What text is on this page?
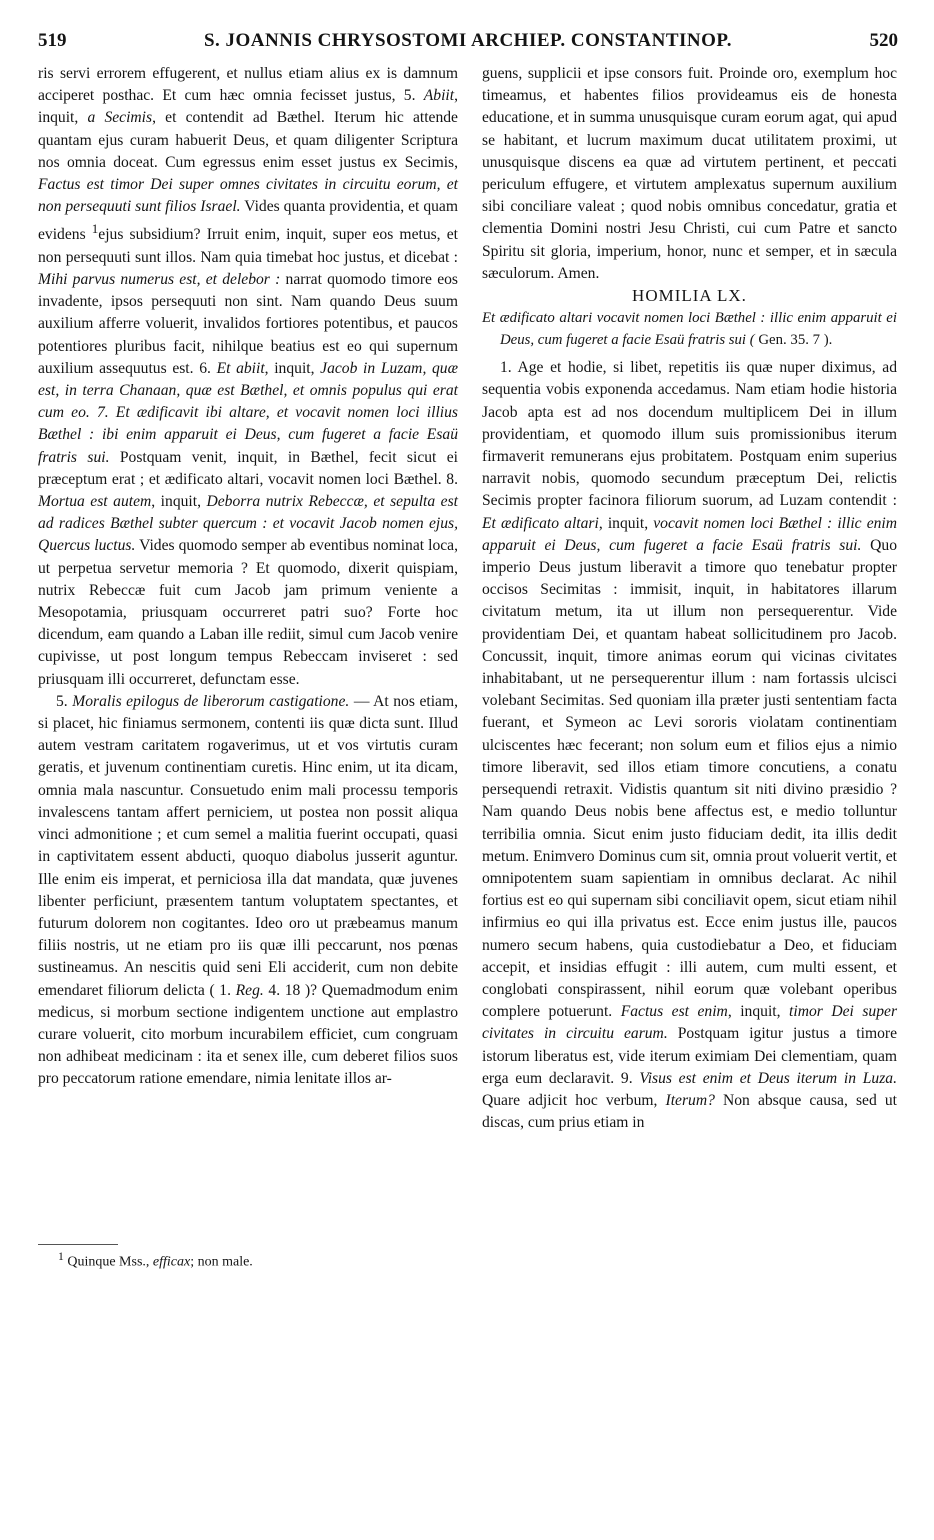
519	S. JOANNIS CHRYSOSTOMI ARCHIEP. CONSTANTINOP.	520

ris servi errorem effugerent, et nullus etiam alius ex is damnum acciperet posthac. Et cum hæc omnia fecisset justus, 5. Abiit, inquit, a Secimis, et contendit ad Bæthel. Iterum hic attende quantam ejus curam habuerit Deus, et quam diligenter Scriptura nos omnia doceat. Cum egressus enim esset justus ex Secimis, Factus est timor Dei super omnes civitates in circuitu eorum, et non persequuti sunt filios Israel. Vides quanta providentia, et quam evidens $^1$ejus subsidium? Irruit enim, inquit, super eos metus, et non persequuti sunt illos. Nam quia timebat hoc justus, et dicebat : Mihi parvus numerus est, et delebor : narrat quomodo timore eos invadente, ipsos persequuti non sint. Nam quando Deus suum auxilium afferre voluerit, invalidos fortiores potentibus, et paucos potentiores pluribus facit, nihilque beatius est eo qui supernum auxilium assequutus est. 6. Et abiit, inquit, Jacob in Luzam, quæ est, in terra Chanaan, quæ est Bæthel, et omnis populus qui erat cum eo. 7. Et ædificavit ibi altare, et vocavit nomen loci illius Bæthel : ibi enim apparuit ei Deus, cum fugeret a facie Esaü fratris sui. Postquam venit, inquit, in Bæthel, fecit sicut ei præceptum erat ; et ædificato altari, vocavit nomen loci Bæthel. 8. Mortua est autem, inquit, Deborra nutrix Rebeccæ, et sepulta est ad radices Bæthel subter quercum : et vocavit Jacob nomen ejus, Quercus luctus. Vides quomodo semper ab eventibus nominat loca, ut perpetua servetur memoria ? Et quomodo, dixerit quispiam, nutrix Rebeccæ fuit cum Jacob jam primum veniente a Mesopotamia, priusquam occurreret patri suo? Forte hoc dicendum, eam quando a Laban ille rediit, simul cum Jacob venire cupivisse, ut post longum tempus Rebeccam inviseret : sed priusquam illi occurreret, defunctam esse.

5. Moralis epilogus de liberorum castigatione. — At nos etiam, si placet, hic finiamus sermonem, contenti iis quæ dicta sunt. Illud autem vestram caritatem rogaverimus, ut et vos virtutis curam geratis, et juvenum continentiam curetis. Hinc enim, ut ita dicam, omnia mala nascuntur. Consuetudo enim mali processu temporis invalescens tantam affert perniciem, ut postea non possit aliqua vinci admonitione ; et cum semel a malitia fuerint occupati, quasi in captivitatem essent abducti, quoquo diabolus jusserit aguntur. Ille enim eis imperat, et perniciosa illa dat mandata, quæ juvenes libenter perficiunt, præsentem tantum voluptatem spectantes, et futurum dolorem non cogitantes. Ideo oro ut præbeamus manum filiis nostris, ut ne etiam pro iis quæ illi peccarunt, nos pœnas sustineamus. An nescitis quid seni Eli acciderit, cum non debite emendaret filiorum delicta ( 1. Reg. 4. 18 )? Quemadmodum enim medicus, si morbum sectione indigentem unctione aut emplastro curare voluerit, cito morbum incurabilem efficiet, cum congruam non adhibeat medicinam : ita et senex ille, cum deberet filios suos pro peccatorum ratione emendare, nimia lenitate illos ar-

guens, supplicii et ipse consors fuit. Proinde oro, exemplum hoc timeamus, et habentes filios provideamus eis de honesta educatione, et in summa unusquisque curam eorum agat, qui apud se habitant, et lucrum maximum ducat utilitatem proximi, ut unusquisque discens ea quæ ad virtutem pertinent, et peccati periculum effugere, et virtutem amplexatus supernum auxilium sibi conciliare valeat ; quod nobis omnibus concedatur, gratia et clementia Domini nostri Jesu Christi, cui cum Patre et sancto Spiritu sit gloria, imperium, honor, nunc et semper, et in sæcula sæculorum. Amen.

HOMILIA LX.

Et ædificato altari vocavit nomen loci Bæthel : illic enim apparuit ei Deus, cum fugeret a facie Esaü fratris sui ( Gen. 35. 7 ).

1. Age et hodie, si libet, repetitis iis quæ nuper diximus, ad sequentia vobis exponenda accedamus. Nam etiam hodie historia Jacob apta est ad nos docendum multiplicem Dei in illum providentiam, et quomodo illum suis promissionibus iterum firmaverit remunerans ejus probitatem. Postquam enim superius narravit nobis, quomodo secundum præceptum Dei, relictis Secimis propter facinora filiorum suorum, ad Luzam contendit : Et ædificato altari, inquit, vocavit nomen loci Bæthel : illic enim apparuit ei Deus, cum fugeret a facie Esaü fratris sui. Quo imperio Deus justum liberavit a timore quo tenebatur propter occisos Secimitas : immisit, inquit, in habitatores illarum civitatum metum, ita ut illum non persequerentur. Vide providentiam Dei, et quantam habeat sollicitudinem pro Jacob. Concussit, inquit, timore animas eorum qui vicinas civitates inhabitabant, ut ne persequerentur illum : nam fortassis ulcisci volebant Secimitas. Sed quoniam illa præter justi sententiam facta fuerant, et Symeon ac Levi sororis violatam continentiam ulciscentes hæc fecerant; non solum eum et filios ejus a nimio timore liberavit, sed illos etiam timore concutiens, a conatu persequendi retraxit. Vidistis quantum sit niti divino præsidio ? Nam quando Deus nobis bene affectus est, e medio tolluntur terribilia omnia. Sicut enim justo fiduciam dedit, ita illis dedit metum. Enimvero Dominus cum sit, omnia prout voluerit vertit, et omnipotentem suam sapientiam in omnibus declarat. Ac nihil fortius est eo qui supernam sibi conciliavit opem, sicut etiam nihil infirmius eo qui illa privatus est. Ecce enim justus ille, paucos numero secum habens, quia custodiebatur a Deo, et fiduciam accepit, et insidias effugit : illi autem, cum multi essent, et conglobati conspirassent, nihil eorum quæ volebant operibus complere potuerunt. Factus est enim, inquit, timor Dei super civitates in circuitu earum. Postquam igitur justus a timore istorum liberatus est, vide iterum eximiam Dei clementiam, quam erga eum declaravit. 9. Visus est enim et Deus iterum in Luza. Quare adjicit hoc verbum, Iterum? Non absque causa, sed ut discas, cum prius etiam in

$^1$ Quinque Mss., efficax; non male.
